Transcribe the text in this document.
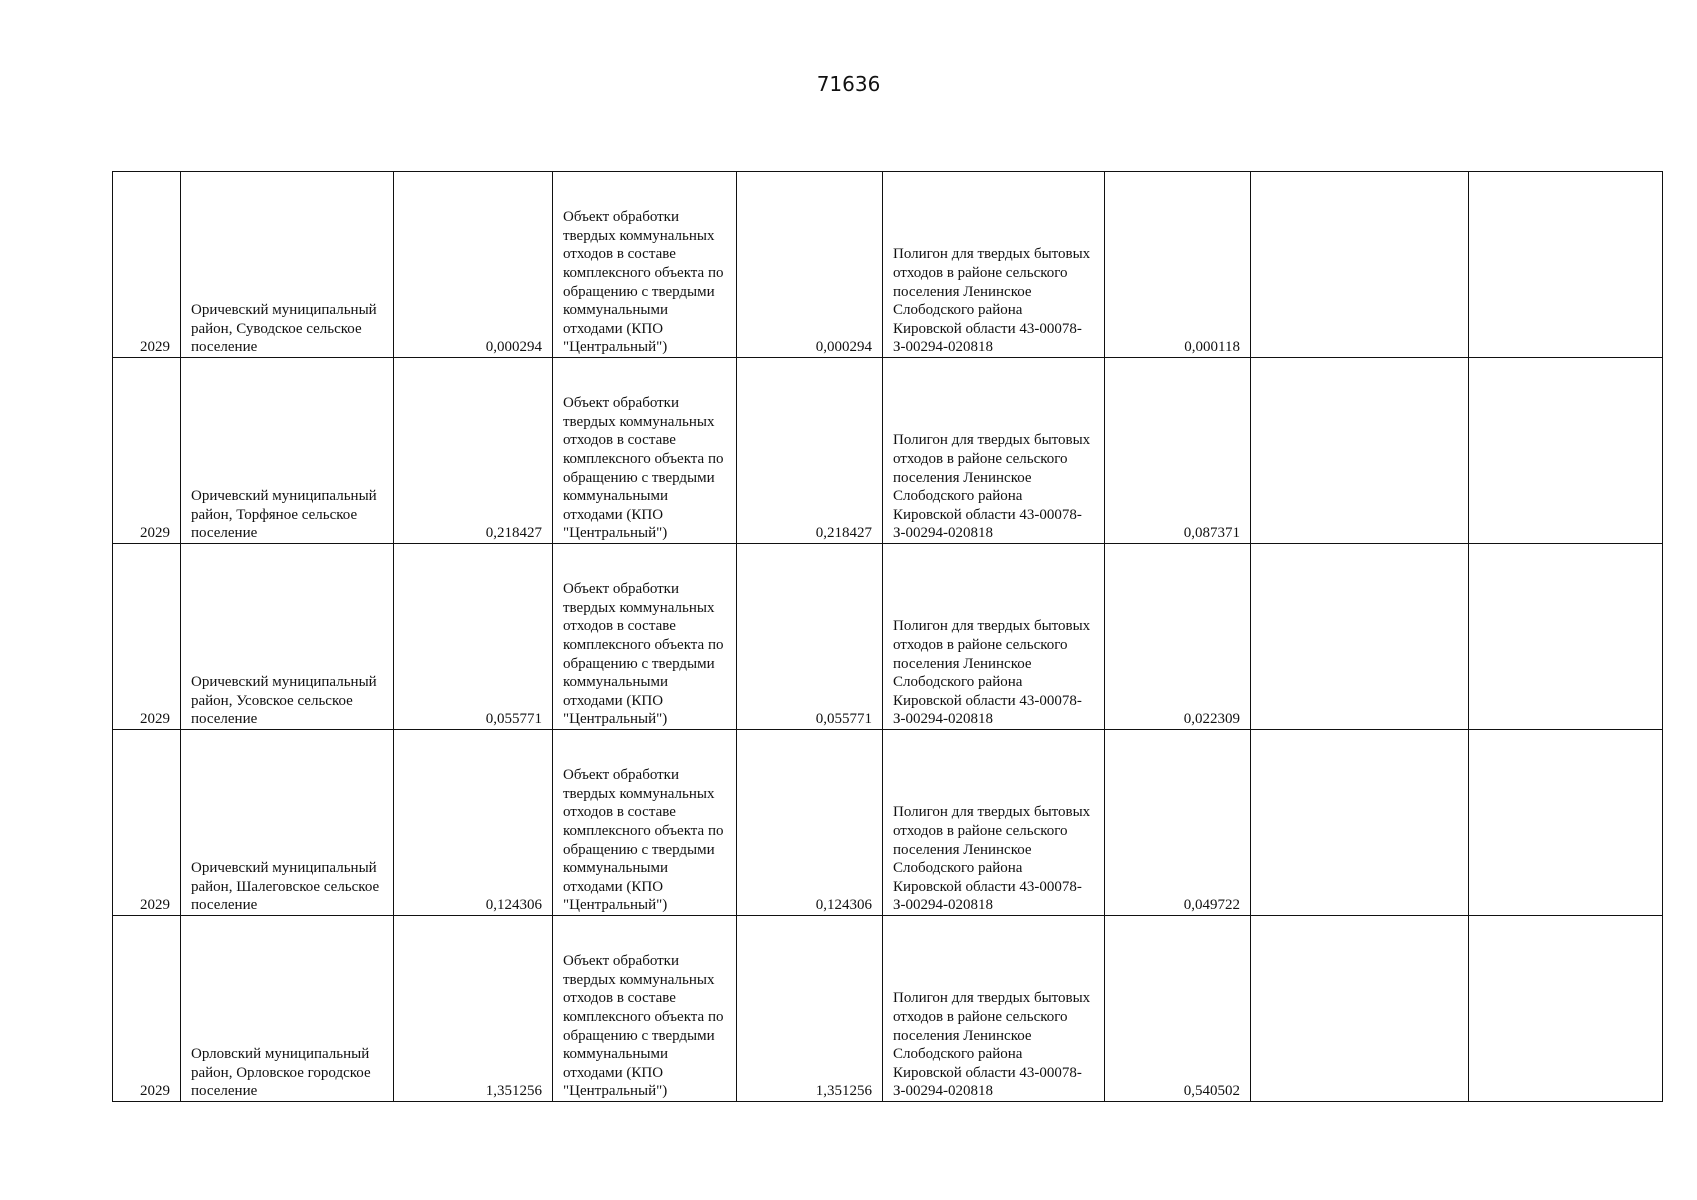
71636
2029	Оричевский муниципальный район, Суводское сельское поселение	0,000294	Объект обработки твердых коммунальных отходов в составе комплексного объекта по обращению с твердыми коммунальными отходами (КПО "Центральный")	0,000294	Полигон для твердых бытовых отходов в районе сельского поселения Ленинское Слободского района Кировской области 43-00078-З-00294-020818	0,000118		
2029	Оричевский муниципальный район, Торфяное сельское поселение	0,218427	Объект обработки твердых коммунальных отходов в составе комплексного объекта по обращению с твердыми коммунальными отходами (КПО "Центральный")	0,218427	Полигон для твердых бытовых отходов в районе сельского поселения Ленинское Слободского района Кировской области 43-00078-З-00294-020818	0,087371		
2029	Оричевский муниципальный район, Усовское сельское поселение	0,055771	Объект обработки твердых коммунальных отходов в составе комплексного объекта по обращению с твердыми коммунальными отходами (КПО "Центральный")	0,055771	Полигон для твердых бытовых отходов в районе сельского поселения Ленинское Слободского района Кировской области 43-00078-З-00294-020818	0,022309		
2029	Оричевский муниципальный район, Шалеговское сельское поселение	0,124306	Объект обработки твердых коммунальных отходов в составе комплексного объекта по обращению с твердыми коммунальными отходами (КПО "Центральный")	0,124306	Полигон для твердых бытовых отходов в районе сельского поселения Ленинское Слободского района Кировской области 43-00078-З-00294-020818	0,049722		
2029	Орловский муниципальный район, Орловское городское поселение	1,351256	Объект обработки твердых коммунальных отходов в составе комплексного объекта по обращению с твердыми коммунальными отходами (КПО "Центральный")	1,351256	Полигон для твердых бытовых отходов в районе сельского поселения Ленинское Слободского района Кировской области 43-00078-З-00294-020818	0,540502		
